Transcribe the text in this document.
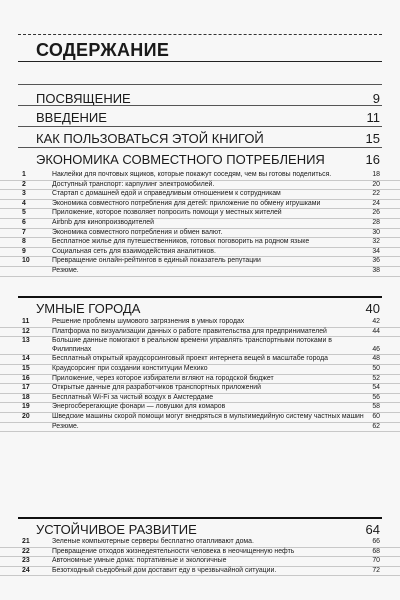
СОДЕРЖАНИЕ
ПОСВЯЩЕНИЕ	9
ВВЕДЕНИЕ	11
КАК ПОЛЬЗОВАТЬСЯ ЭТОЙ КНИГОЙ	15
ЭКОНОМИКА СОВМЕСТНОГО ПОТРЕБЛЕНИЯ	16
1	Наклейки для почтовых ящиков, которые покажут соседям, чем вы готовы поделиться.	18
2	Доступный транспорт: карпулинг электромобилей.	20
3	Стартап с домашней едой и справедливым отношением к сотрудникам	22
4	Экономика совместного потребления для детей: приложение по обмену игрушками	24
5	Приложение, которое позволяет попросить помощи у местных жителей	26
6	Airbnb для кинопроизводителей	28
7	Экономика совместного потребления и обмен валют.	30
8	Бесплатное жилье для путешественников, готовых поговорить на родном языке	32
9	Социальная сеть для взаимодействия аналитиков.	34
10	Превращение онлайн-рейтингов в единый показатель репутации	36
Резюме.	38
УМНЫЕ ГОРОДА	40
11	Решение проблемы шумового загрязнения в умных городах	42
12	Платформа по визуализации данных о работе правительства для предпринимателей	44
13	Большие данные помогают в реальном времени управлять транспортными потоками в Филиппинах	46
14	Бесплатный открытый краудсорсинговый проект интернета вещей в масштабе города	48
15	Краудсорсинг при создании конституции Мехико	50
16	Приложение, через которое избиратели вгляют на городской бюджет	52
17	Открытые данные для разработчиков транспортных приложений	54
18	Бесплатный Wi-Fi за чистый воздух в Амстердаме	56
19	Энергосберегающие фонари — ловушки для комаров	58
20	Шведские машины скорой помощи могут внедряться в мультимедийную систему частных машин	60
Резюме.	62
УСТОЙЧИВОЕ РАЗВИТИЕ	64
21	Зеленые компьютерные серверы бесплатно отапливают дома.	66
22	Превращение отходов жизнедеятельности человека в неочищенную нефть	68
23	Автономные умные дома: портативные и экологичные	70
24	Безотходный съедобный дом доставит еду в чрезвычайной ситуации.	72
